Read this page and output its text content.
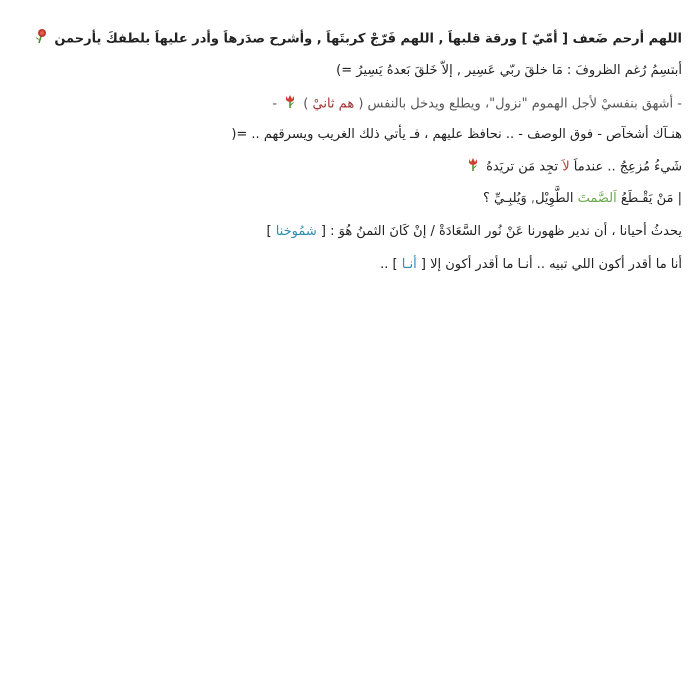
اللهم أرحم ضَعف [ أمّيّ ] ورقة قلبهاَ , اللهم فَرّجْ كربتَهاَ , وأشرح صدَرهاَ وأدر عليهاَ بلطفكَ يأرحمن
أبتسِمُ رُغم الظروفَ : مَا خلقَ ربّي عَسِير , إلاّ خَلقَ بَعدهُ يَسِيرُ =)
- أشهق بنفسيْ لأجل الهموم "نزول"، ويطلع ويدخل بالنفس ( هم ثانيْ )  -
هنـآك أشخآص - فوق الوصف - .. نحافظ عليهم ، فـ يأتي ذلك الغريب ويسرقهم .. =(
شَيءُ مُزعِجُ .. عندماَ لاَ تجِد مَن تريَدهُ
| مَنْ يَقْـطَعُ اَلصَّمتَ الطَّوِيْل, وَيُلبِـيِّ ؟
يحدثُ أحيانا ، أن ندير ظهورنا عَنْ نُور السَّعَادَةْ / إنْ كَانَ الثمنُ هُوَ : [ شمُوخنا ]
أنا ما أقدر أكون اللي تبيه .. أنـا ما أقدر أكون إلا [ أنـا ] ..
